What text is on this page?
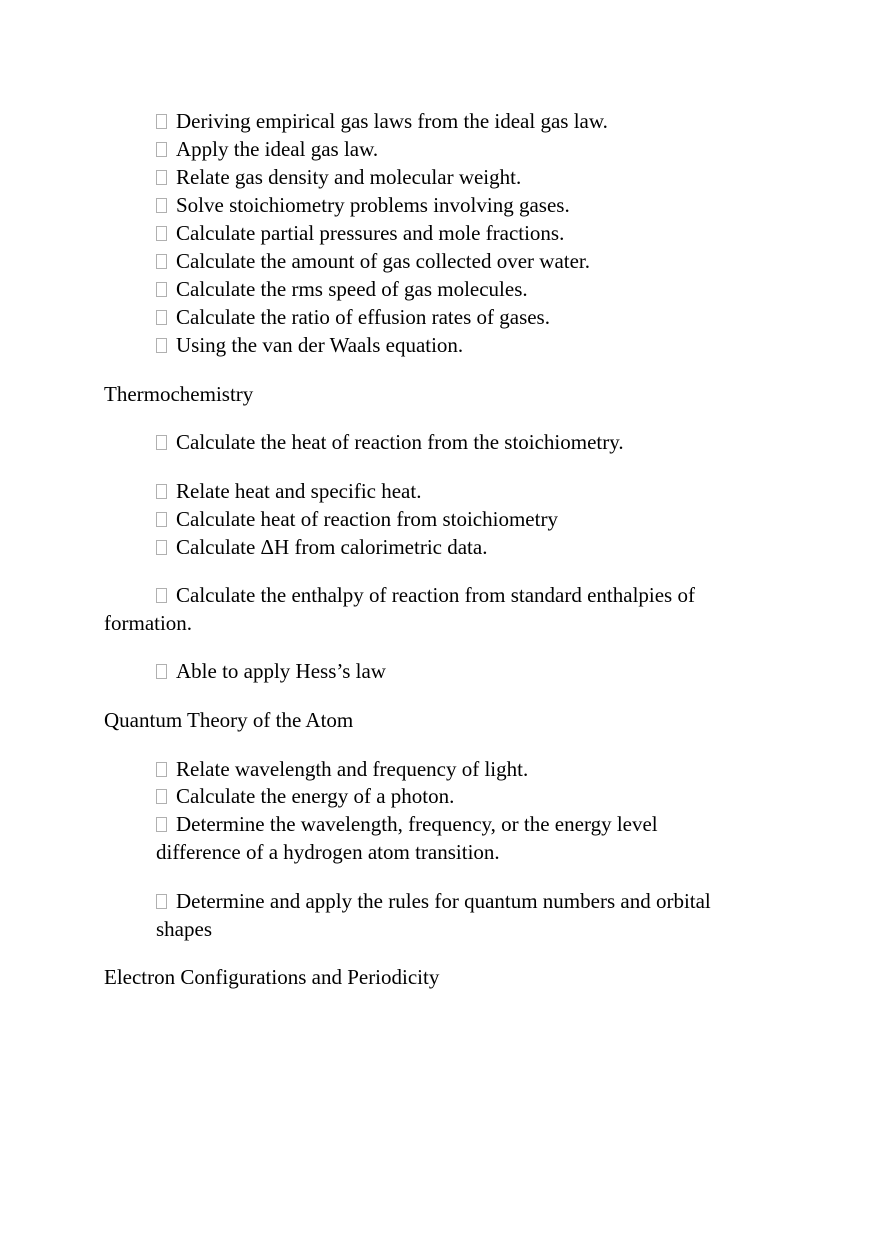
Deriving empirical gas laws from the ideal gas law.
Apply the ideal gas law.
Relate gas density and molecular weight.
Solve stoichiometry problems involving gases.
Calculate partial pressures and mole fractions.
Calculate the amount of gas collected over water.
Calculate the rms speed of gas molecules.
Calculate the ratio of effusion rates of gases.
Using the van der Waals equation.
Thermochemistry
Calculate the heat of reaction from the stoichiometry.
Relate heat and specific heat.
Calculate heat of reaction from stoichiometry
Calculate ΔH from calorimetric data.
Calculate the enthalpy of reaction from standard enthalpies of
formation.
Able to apply Hess’s law
Quantum Theory of the Atom
Relate wavelength and frequency of light.
Calculate the energy of a photon.
Determine the wavelength, frequency, or the energy level
difference of a hydrogen atom transition.
Determine and apply the rules for quantum numbers and orbital
shapes
Electron Configurations and Periodicity
